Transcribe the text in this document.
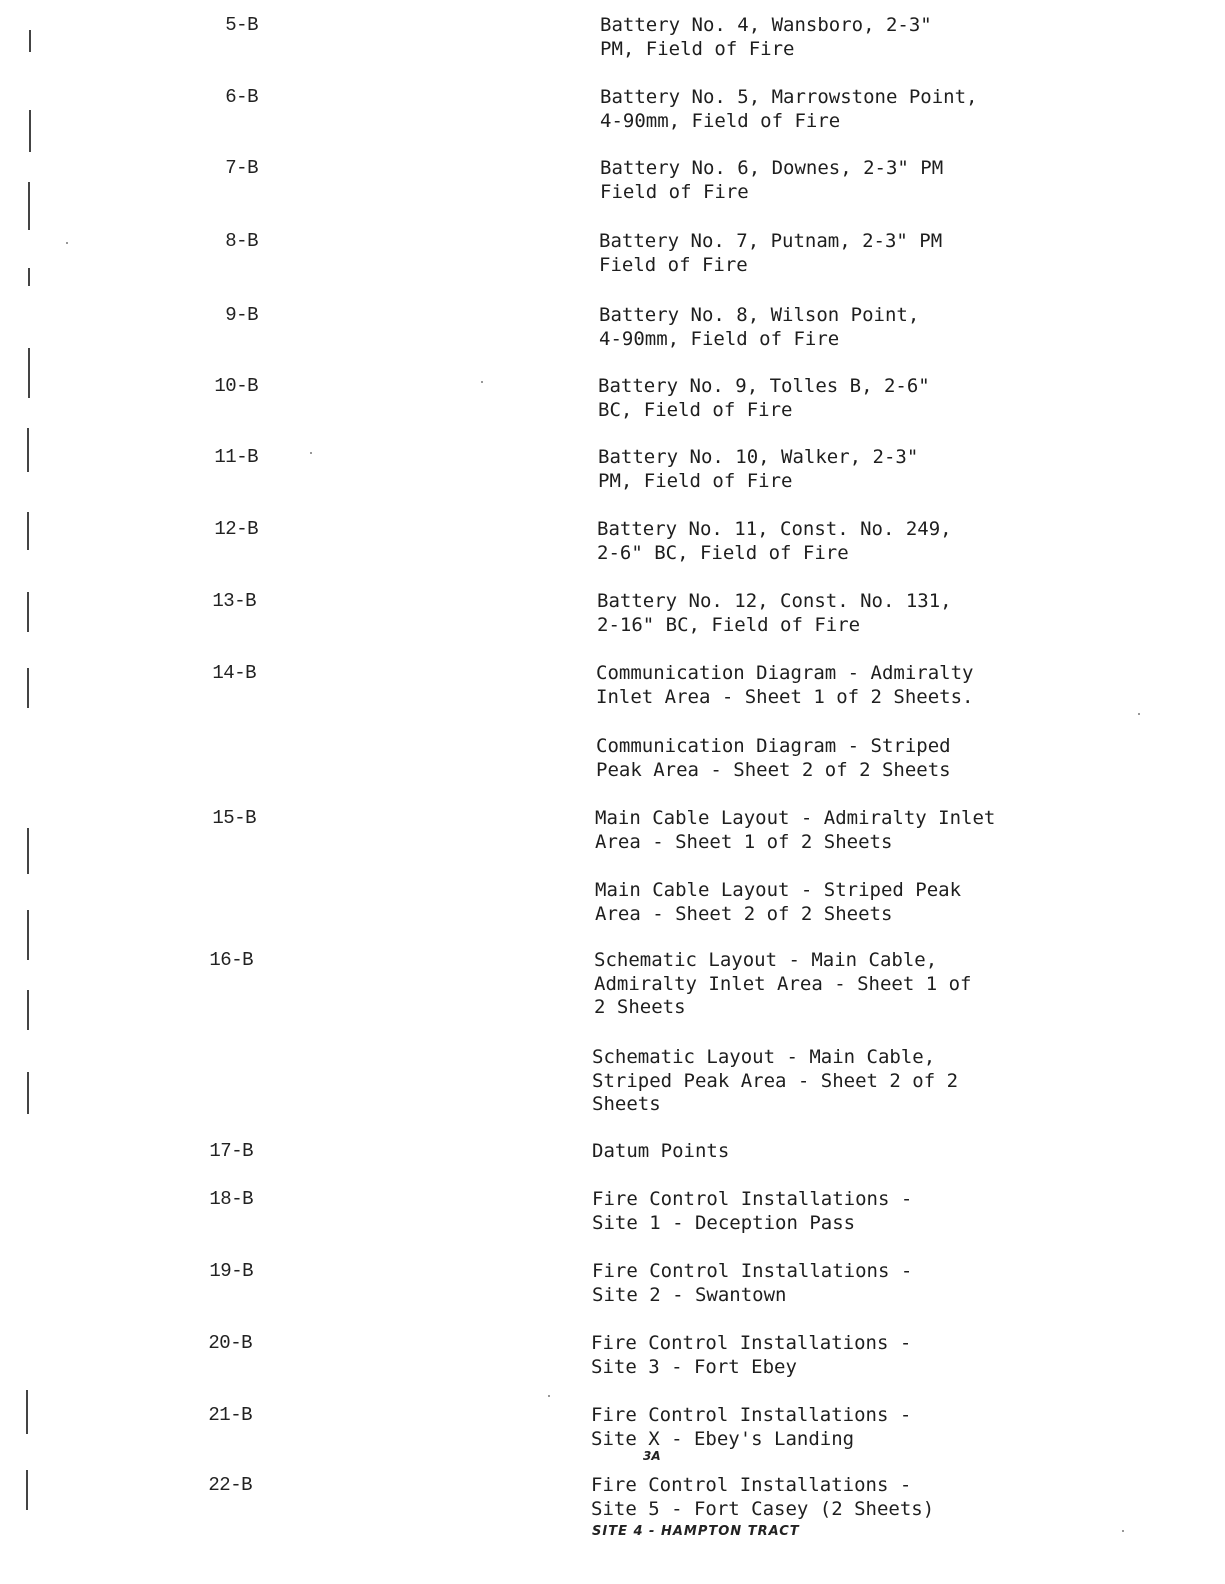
5-B	Battery No. 4, Wansboro, 2-3"
PM, Field of Fire
6-B	Battery No. 5, Marrowstone Point,
4-90mm, Field of Fire
7-B	Battery No. 6, Downes, 2-3" PM
Field of Fire
8-B	Battery No. 7, Putnam, 2-3" PM
Field of Fire
9-B	Battery No. 8, Wilson Point,
4-90mm, Field of Fire
10-B	Battery No. 9, Tolles B, 2-6"
BC, Field of Fire
11-B	Battery No. 10, Walker, 2-3"
PM, Field of Fire
12-B	Battery No. 11, Const. No. 249,
2-6" BC, Field of Fire
13-B	Battery No. 12, Const. No. 131,
2-16" BC, Field of Fire
14-B	Communication Diagram - Admiralty
Inlet Area - Sheet 1 of 2 Sheets.
Communication Diagram - Striped
Peak Area - Sheet 2 of 2 Sheets
15-B	Main Cable Layout - Admiralty Inlet
Area - Sheet 1 of 2 Sheets
Main Cable Layout - Striped Peak
Area - Sheet 2 of 2 Sheets
16-B	Schematic Layout - Main Cable,
Admiralty Inlet Area - Sheet 1 of
2 Sheets
Schematic Layout - Main Cable,
Striped Peak Area - Sheet 2 of 2
Sheets
17-B	Datum Points
18-B	Fire Control Installations -
Site 1 - Deception Pass
19-B	Fire Control Installations -
Site 2 - Swantown
20-B	Fire Control Installations -
Site 3 - Fort Ebey
21-B	Fire Control Installations -
Site X - Ebey's Landing
22-B	Fire Control Installations -
Site 5 - Fort Casey (2 Sheets)
3A
SITE 4 - HAMPTON TRACT
